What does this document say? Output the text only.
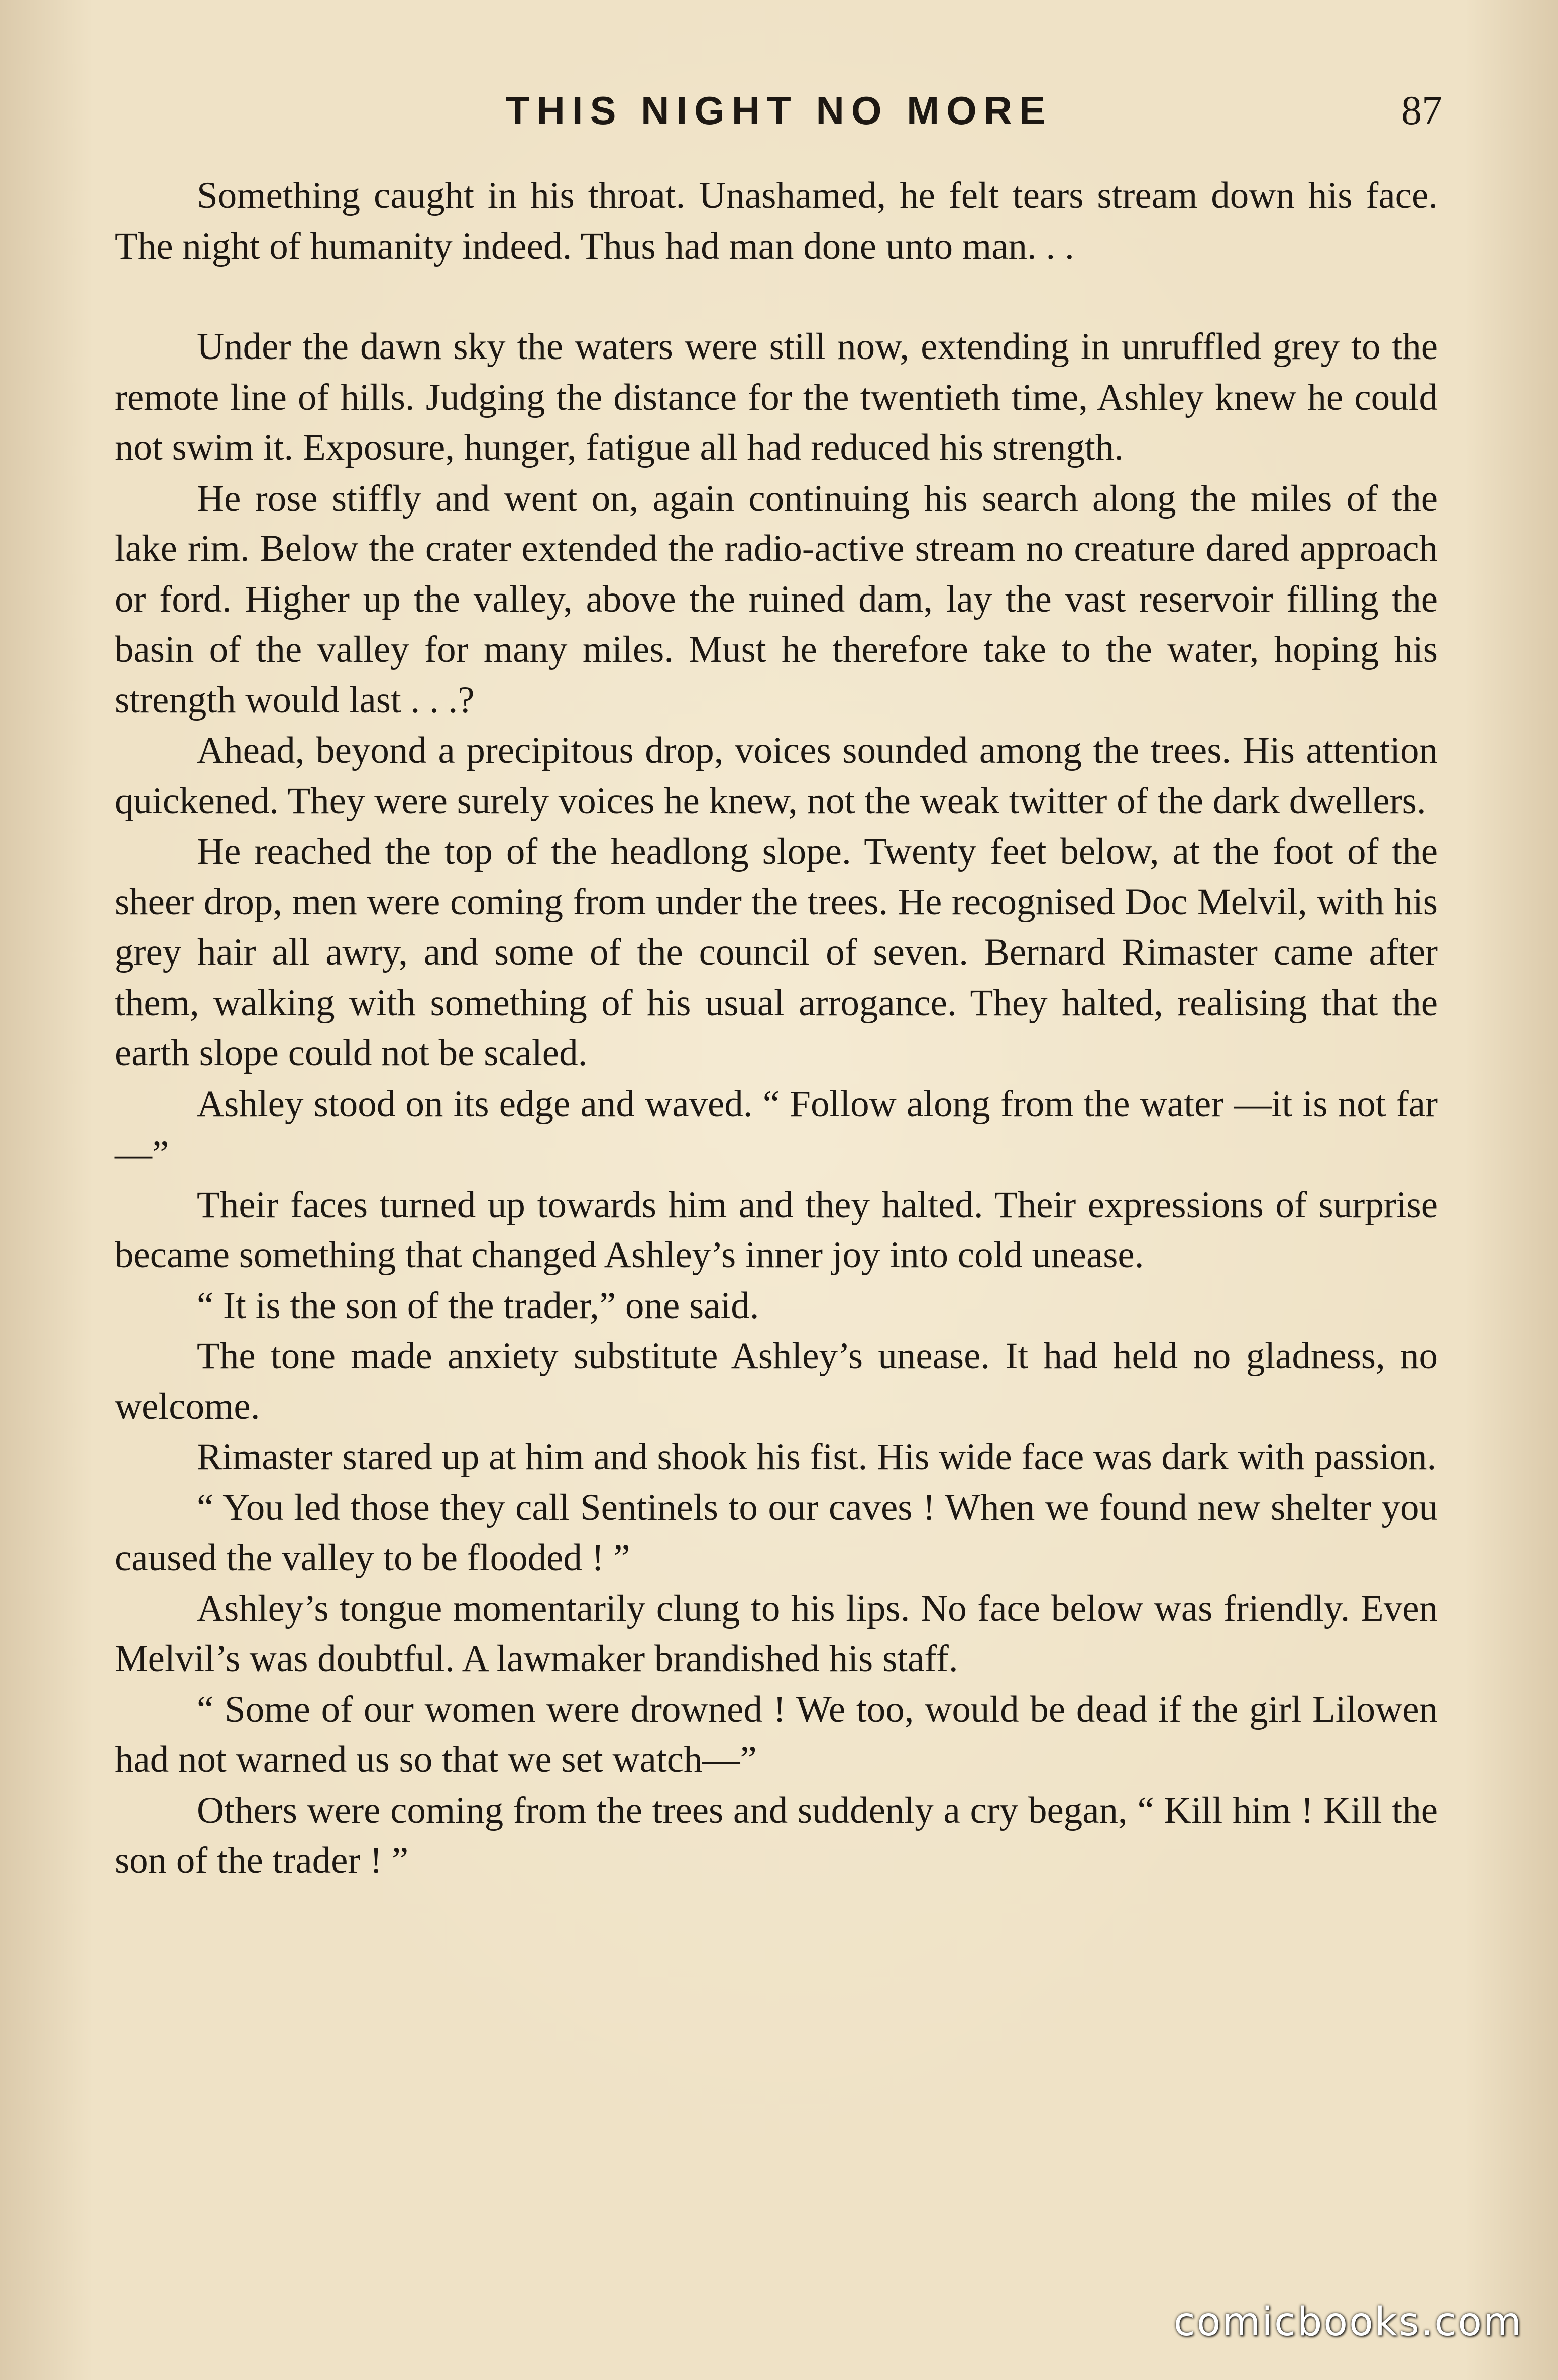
THIS NIGHT NO MORE	87

Something caught in his throat. Unashamed, he felt tears stream down his face. The night of humanity indeed. Thus had man done unto man. . .

Under the dawn sky the waters were still now, extending in unruffled grey to the remote line of hills. Judging the distance for the twentieth time, Ashley knew he could not swim it. Exposure, hunger, fatigue all had reduced his strength.

He rose stiffly and went on, again continuing his search along the miles of the lake rim. Below the crater extended the radio-active stream no creature dared approach or ford. Higher up the valley, above the ruined dam, lay the vast reservoir filling the basin of the valley for many miles. Must he therefore take to the water, hoping his strength would last . . .?

Ahead, beyond a precipitous drop, voices sounded among the trees. His attention quickened. They were surely voices he knew, not the weak twitter of the dark dwellers.

He reached the top of the headlong slope. Twenty feet below, at the foot of the sheer drop, men were coming from under the trees. He recognised Doc Melvil, with his grey hair all awry, and some of the council of seven. Bernard Rimaster came after them, walking with something of his usual arrogance. They halted, realising that the earth slope could not be scaled.

Ashley stood on its edge and waved. “ Follow along from the water —it is not far—”

Their faces turned up towards him and they halted. Their expressions of surprise became something that changed Ashley’s inner joy into cold unease.

“ It is the son of the trader,” one said.

The tone made anxiety substitute Ashley’s unease. It had held no gladness, no welcome.

Rimaster stared up at him and shook his fist. His wide face was dark with passion.

“ You led those they call Sentinels to our caves ! When we found new shelter you caused the valley to be flooded ! ”

Ashley’s tongue momentarily clung to his lips. No face below was friendly. Even Melvil’s was doubtful. A lawmaker brandished his staff.

“ Some of our women were drowned ! We too, would be dead if the girl Lilowen had not warned us so that we set watch—”

Others were coming from the trees and suddenly a cry began, “ Kill him ! Kill the son of the trader ! ”

comicbooks.com
